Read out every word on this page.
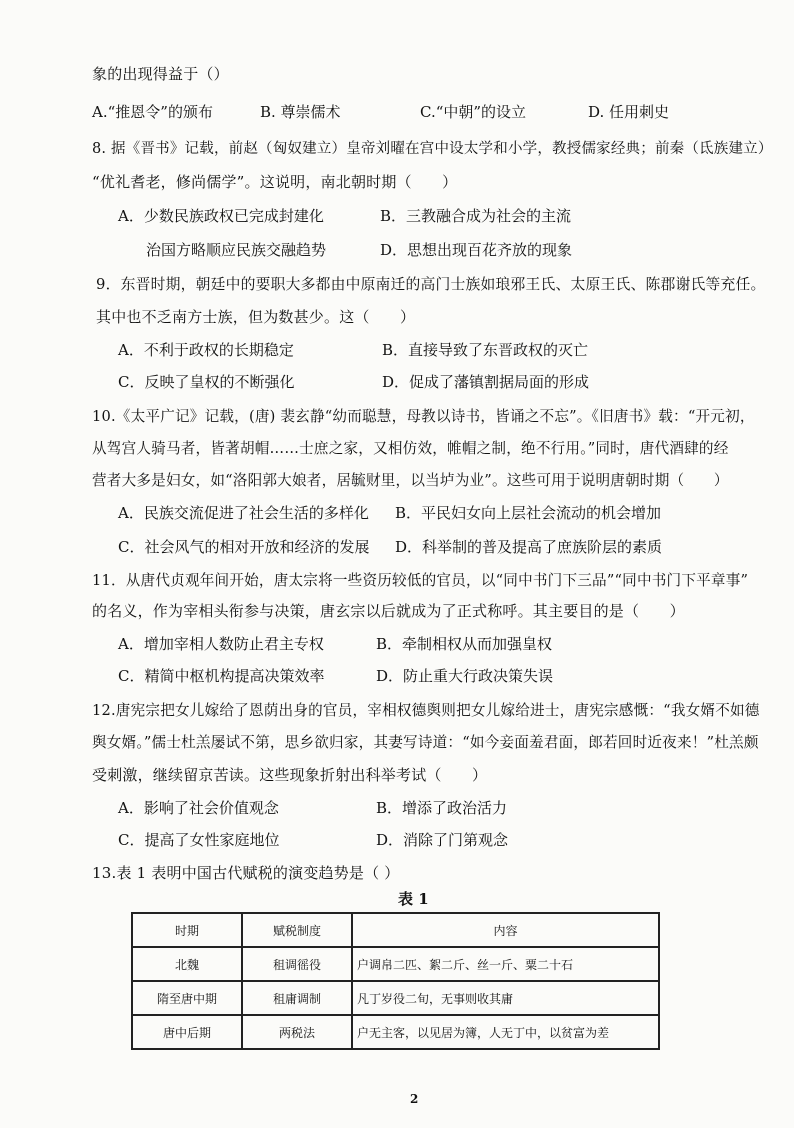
象的出现得益于（）
A.“推恩令”的颁布	B. 尊崇儒术	C.“中朝”的设立	D. 任用刺史
8. 据《晋书》记载，前赵（匈奴建立）皇帝刘曜在宫中设太学和小学，教授儒家经典；前秦（氐族建立）
“优礼耆老，修尚儒学”。这说明，南北朝时期（　　）
A．少数民族政权已完成封建化	B．三教融合成为社会的主流
治国方略顺应民族交融趋势	D．思想出现百花齐放的现象
9．东晋时期，朝廷中的要职大多都由中原南迁的高门士族如琅邪王氏、太原王氏、陈郡谢氏等充任。
其中也不乏南方士族，但为数甚少。这（　　）
A．不利于政权的长期稳定	B．直接导致了东晋政权的灭亡
C．反映了皇权的不断强化	D．促成了藩镇割据局面的形成
10.《太平广记》记载，(唐) 裴玄静“幼而聪慧，母教以诗书，皆诵之不忘”。《旧唐书》载：“开元初，
从驾宫人骑马者，皆著胡帽……士庶之家，又相仿效，帷帽之制，绝不行用。”同时，唐代酒肆的经
营者大多是妇女，如“洛阳郭大娘者，居毓财里，以当垆为业”。这些可用于说明唐朝时期（　　）
A．民族交流促进了社会生活的多样化 B．平民妇女向上层社会流动的机会增加
C．社会风气的相对开放和经济的发展 D．科举制的普及提高了庶族阶层的素质
11．从唐代贞观年间开始，唐太宗将一些资历较低的官员，以“同中书门下三品”“同中书门下平章事”
的名义，作为宰相头衔参与决策，唐玄宗以后就成为了正式称呼。其主要目的是（　　）
A．增加宰相人数防止君主专权	B．牵制相权从而加强皇权
C．精简中枢机构提高决策效率	D．防止重大行政决策失误
12.唐宪宗把女儿嫁给了恩荫出身的官员，宰相权德舆则把女儿嫁给进士，唐宪宗感慨：“我女婿不如德
舆女婿。”儒士杜羔屡试不第，思乡欲归家，其妻写诗道：“如今妾面羞君面，郎若回时近夜来！”杜羔颇
受刺激，继续留京苦读。这些现象折射出科举考试（　　）
A．影响了社会价值观念	B．增添了政治活力
C．提高了女性家庭地位	D．消除了门第观念
13.表 1 表明中国古代赋税的演变趋势是（ ）
表 1
时期	赋税制度	内容
北魏	租调徭役	户调帛二匹、絮二斤、丝一斤、粟二十石
隋至唐中期	租庸调制	凡丁岁役二旬，无事则收其庸
唐中后期	两税法	户无主客，以见居为簿，人无丁中，以贫富为差
2
